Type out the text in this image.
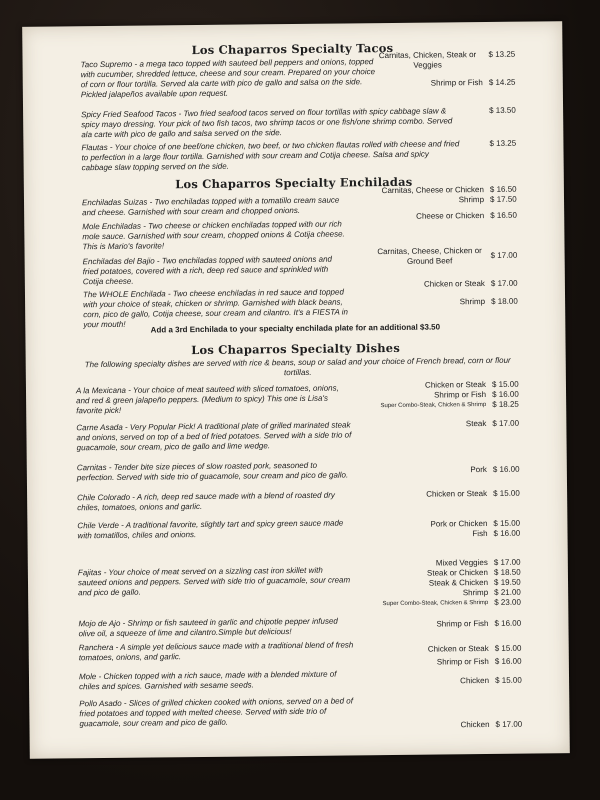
Los Chaparros Specialty Tacos
Taco Supremo - a mega taco topped with sauteed bell peppers and onions, topped with cucumber, shredded lettuce, cheese and sour cream. Prepared on your choice of corn or flour tortilla. Served ala carte with pico de gallo and salsa on the side. Pickled jalapeños available upon request.
Carnitas, Chicken, Steak or Veggies
$ 13.25
Shrimp or Fish $ 14.25
Spicy Fried Seafood Tacos - Two fried seafood tacos served on flour tortillas with spicy cabbage slaw & spicy mayo dressing. Your pick of two fish tacos, two shrimp tacos or one fish/one shrimp combo. Served ala carte with pico de gallo and salsa served on the side.
$ 13.50
Flautas - Your choice of one beef/one chicken, two beef, or two chicken flautas rolled with cheese and fried to perfection in a large flour tortilla. Garnished with sour cream and Cotija cheese. Salsa and spicy cabbage slaw topping served on the side.
$ 13.25
Los Chaparros Specialty Enchiladas
Enchiladas Suizas - Two enchiladas topped with a tomatillo cream sauce and cheese. Garnished with sour cream and chopped onions.
Carnitas, Cheese or Chicken $ 16.50
Shrimp $ 17.50
Mole Enchiladas - Two cheese or chicken enchiladas topped with our rich mole sauce. Garnished with sour cream, chopped onions & Cotija cheese. This is Mario's favorite!
Cheese or Chicken $ 16.50
Enchiladas del Bajio - Two enchiladas topped with sauteed onions and fried potatoes, covered with a rich, deep red sauce and sprinkled with Cotija cheese.
Carnitas, Cheese, Chicken or Ground Beef
$ 17.00
The WHOLE Enchilada - Two cheese enchiladas in red sauce and topped with your choice of steak, chicken or shrimp. Garnished with black beans, corn, pico de gallo, Cotija cheese, sour cream and cilantro. It's a FIESTA in your mouth!
Chicken or Steak $ 17.00
Shrimp $ 18.00
Add a 3rd Enchilada to your specialty enchilada plate for an additional $3.50
Los Chaparros Specialty Dishes
The following specialty dishes are served with rice & beans, soup or salad and your choice of French bread, corn or flour tortillas.
A la Mexicana - Your choice of meat sauteed with sliced tomatoes, onions, and red & green jalapeño peppers. (Medium to spicy) This one is Lisa's favorite pick!
Chicken or Steak $ 15.00
Shrimp or Fish $ 16.00
Super Combo-Steak, Chicken & Shrimp $ 18.25
Carne Asada - Very Popular Pick! A traditional plate of grilled marinated steak and onions, served on top of a bed of fried potatoes. Served with a side trio of guacamole, sour cream, pico de gallo and lime wedge.
Steak $ 17.00
Carnitas - Tender bite size pieces of slow roasted pork, seasoned to perfection. Served with side trio of guacamole, sour cream and pico de gallo.
Pork $ 16.00
Chile Colorado - A rich, deep red sauce made with a blend of roasted dry chiles, tomatoes, onions and garlic.
Chicken or Steak $ 15.00
Chile Verde - A traditional favorite, slightly tart and spicy green sauce made with tomatillos, chiles and onions.
Pork or Chicken $ 15.00
Fish $ 16.00
Fajitas - Your choice of meat served on a sizzling cast iron skillet with sauteed onions and peppers. Served with side trio of guacamole, sour cream and pico de gallo.
Mixed Veggies $ 17.00
Steak or Chicken $ 18.50
Steak & Chicken $ 19.50
Shrimp $ 21.00
Super Combo-Steak, Chicken & Shrimp $ 23.00
Mojo de Ajo - Shrimp or fish sauteed in garlic and chipotle pepper infused olive oil, a squeeze of lime and cilantro.Simple but delicious!
Shrimp or Fish $ 16.00
Ranchera - A simple yet delicious sauce made with a traditional blend of fresh tomatoes, onions, and garlic.
Chicken or Steak $ 15.00
Shrimp or Fish $ 16.00
Mole - Chicken topped with a rich sauce, made with a blended mixture of chiles and spices. Garnished with sesame seeds.	Chicken $ 15.00
Pollo Asado - Slices of grilled chicken cooked with onions, served on a bed of fried potatoes and topped with melted cheese. Served with side trio of guacamole, sour cream and pico de gallo.	Chicken $ 17.00
